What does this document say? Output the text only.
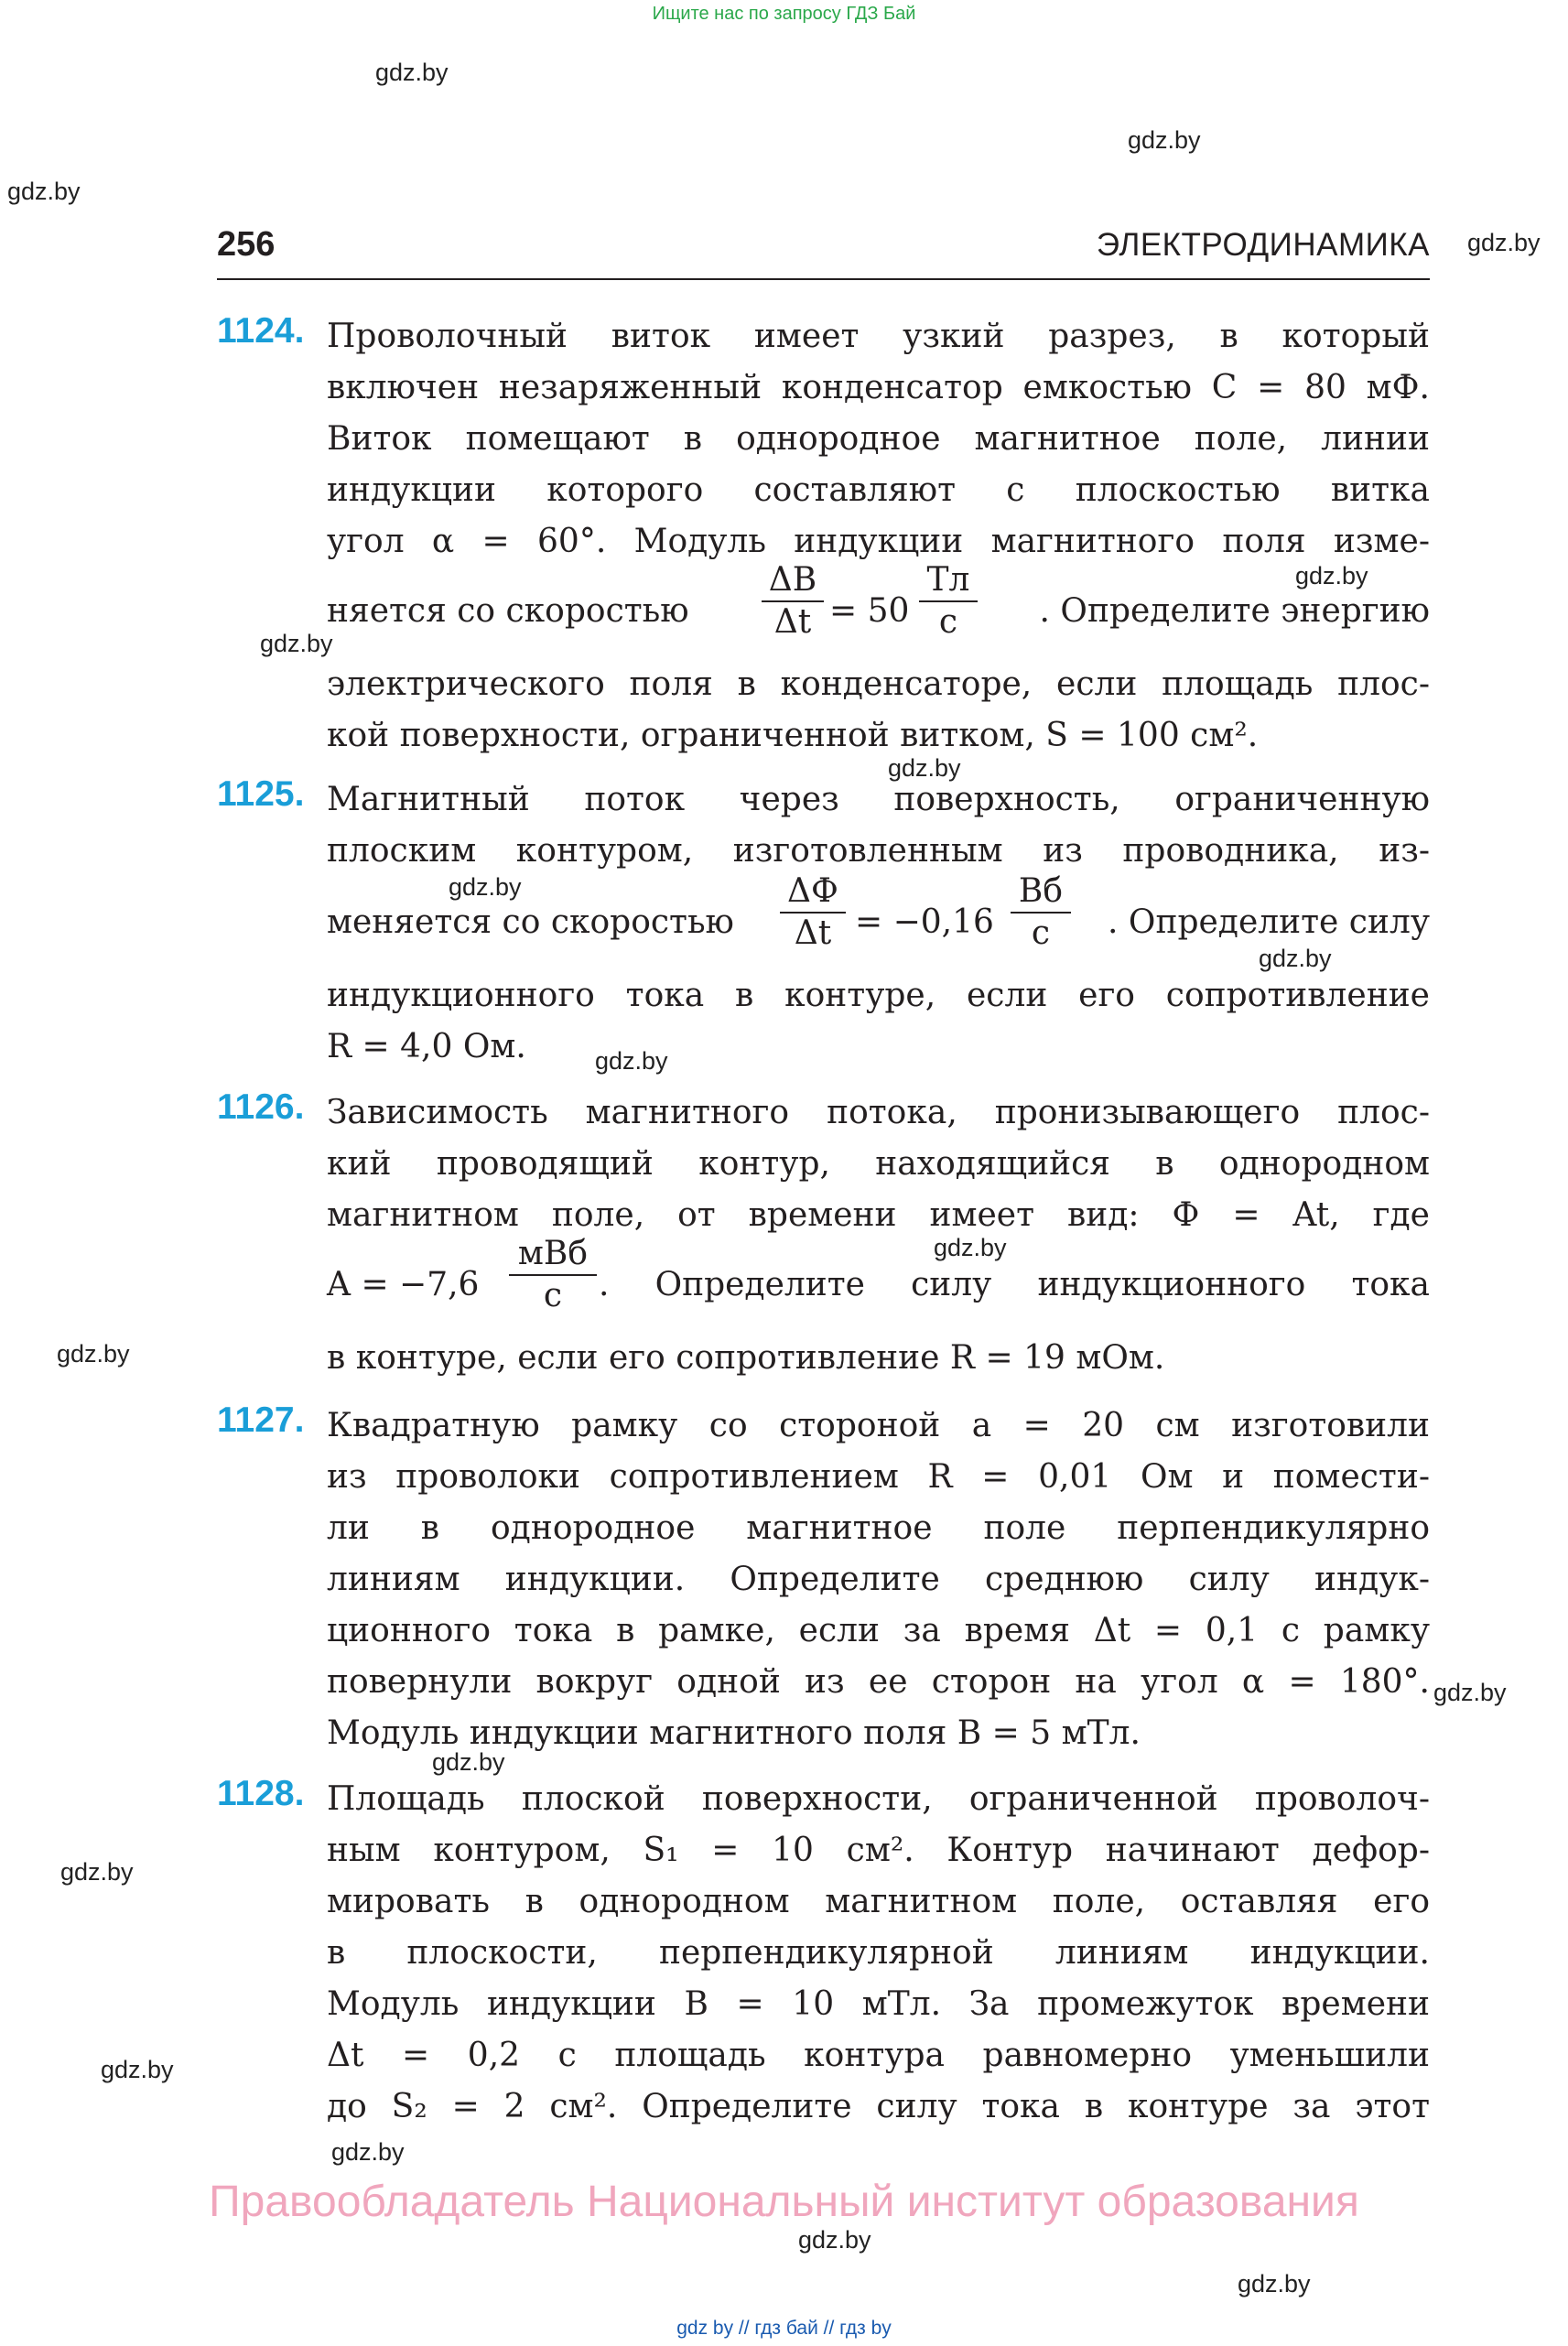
Ищите нас по запросу ГДЗ Бай
gdz.by
gdz.by
gdz.by
gdz.by
gdz.by
gdz.by
gdz.by
gdz.by
gdz.by
gdz.by
gdz.by
gdz.by
gdz.by
gdz.by
gdz.by
gdz.by
gdz.by
gdz.by
gdz.by
256	ЭЛЕКТРОДИНАМИКА
1124. Проволочный виток имеет узкий разрез, в который
включен незаряженный конденсатор емкостью C = 80 мФ.
Виток помещают в однородное магнитное поле, линии
индукции которого составляют с плоскостью витка
угол α = 60°. Модуль индукции магнитного поля изме-
няется со скоростью
ΔB
Δt = 50
Тл
с	. Определите энергию
электрического поля в конденсаторе, если площадь плос-
кой поверхности, ограниченной витком, S = 100 см².
1125. Магнитный поток через поверхность, ограниченную
плоским контуром, изготовленным из проводника, из-
меняется со скоростью
ΔФ
Δt = −0,16
Вб
с	. Определите силу
индукционного тока в контуре, если его сопротивление
R = 4,0 Ом.
1126. Зависимость магнитного потока, пронизывающего плос-
кий проводящий контур, находящийся в однородном
магнитном поле, от времени имеет вид: Ф = At, где
A = −7,6
мВб
с	. Определите силу индукционного тока
в контуре, если его сопротивление R = 19 мОм.
1127. Квадратную рамку со стороной a = 20 см изготовили
из проволоки сопротивлением R = 0,01 Ом и помести-
ли в однородное магнитное поле перпендикулярно
линиям индукции. Определите среднюю силу индук-
ционного тока в рамке, если за время Δt = 0,1 с рамку
повернули вокруг одной из ее сторон на угол α = 180°.
Модуль индукции магнитного поля B = 5 мТл.
1128. Площадь плоской поверхности, ограниченной проволоч-
ным контуром, S₁ = 10 см². Контур начинают дефор-
мировать в однородном магнитном поле, оставляя его
в плоскости, перпендикулярной линиям индукции.
Модуль индукции B = 10 мТл. За промежуток времени
Δt = 0,2 с площадь контура равномерно уменьшили
до S₂ = 2 см². Определите силу тока в контуре за этот
Правообладатель Национальный институт образования
gdz by // гдз бай // гдз by
